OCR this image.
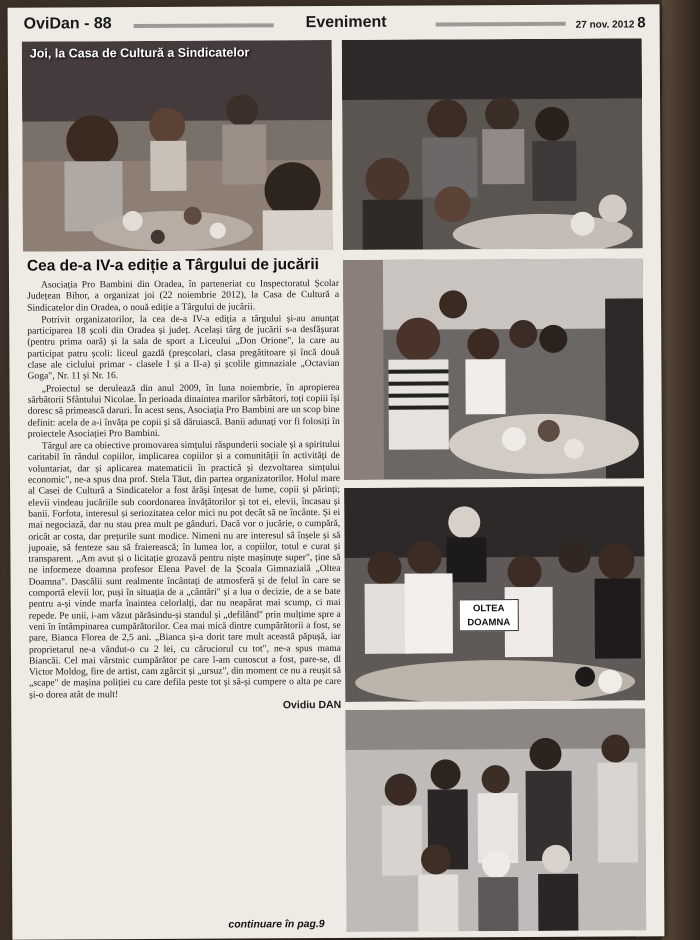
OviDan - 88	Eveniment	27 nov. 2012 8
Joi, la Casa de Cultură a Sindicatelor
OLTEA
DOAMNA
Cea de-a IV-a ediție a Târgului de jucării

Asociația Pro Bambini din Oradea, în parteneriat cu Inspectoratul Școlar Județean Bihor, a organizat joi (22 noiembrie 2012), la Casa de Cultură a Sindicatelor din Oradea, o nouă ediție a Târgului de jucării.

Potrivit organizatorilor, la cea de-a IV-a ediția a târgului și-au anunțat participarea 18 școli din Oradea și județ. Același târg de jucării s-a desfășurat (pentru prima oară) și la sala de sport a Liceului „Don Orione", la care au participat patru școli: liceul gazdă (preșcolari, clasa pregătitoare și încă două clase ale ciclului primar - clasele I și a II-a) și școlile gimnaziale „Octavian Goga", Nr. 11 și Nr. 16.

„Proiectul se derulează din anul 2009, în luna noiembrie, în apropierea sărbătorii Sfântului Nicolae. În perioada dinaintea marilor sărbători, toți copiii își doresc să primească daruri. În acest sens, Asociația Pro Bambini are un scop bine definit: acela de a-i învăța pe copii și să dăruiască. Banii adunați vor fi folosiți în proiectele Asociației Pro Bambini.

Târgul are ca obiective promovarea simțului răspunderii sociale și a spiritului caritabil în rândul copiilor, implicarea copiilor și a comunității în activități de voluntariat, dar și aplicarea matematicii în practică și dezvoltarea simțului economic", ne-a spus dna prof. Stela Tăut, din partea organizatorilor. Holul mare al Casei de Cultură a Sindicatelor a fost ărăși înțesat de lume, copii și părinți; elevii vindeau jucăriile sub coordonarea învățătorilor și tot ei, elevii, încasau și banii. Forfota, interesul și seriozitatea celor mici nu pot decât să ne încânte. Și ei mai negociază, dar nu stau prea mult pe gânduri. Dacă vor o jucărie, o cumpără, oricât ar costa, dar prețurile sunt modice. Nimeni nu are interesul să înșele și să jupoaie, să fenteze sau să fraierească; în lumea lor, a copiilor, totul e curat și transparent. „Am avut și o licitație grozavă pentru niște mașinuțe super", ține să ne informeze doamna profesor Elena Pavel de la Școala Gimnazială „Oltea Doamna". Dascălii sunt realmente încântați de atmosferă și de felul în care se comportă elevii lor, puși în situația de a „cântări" și a lua o decizie, de a se bate pentru a-și vinde marfa înaintea celorlalți, dar nu neapărat mai scump, ci mai repede. Pe unii, i-am văzut părăsindu-și standul și „defilând" prin mulțime spre a veni în întâmpinarea cumpărătorilor. Cea mai mică dintre cumpărătorii a fost, se pare, Bianca Florea de 2,5 ani. „Bianca și-a dorit tare mult această păpușă, iar proprietarul ne-a vândut-o cu 2 lei, cu căruciorul cu tot", ne-a spus mama Biancăi. Cel mai vârstnic cumpărător pe care l-am cunoscut a fost, pare-se, dl Victor Moldog, fire de artist, cam zgârcit și „ursuz", din moment ce nu a reușit să „scape" de mașina poliției cu care defila peste tot și să-și cumpere o alta pe care și-o dorea atât de mult!

Ovidiu DAN
continuare în pag.9
